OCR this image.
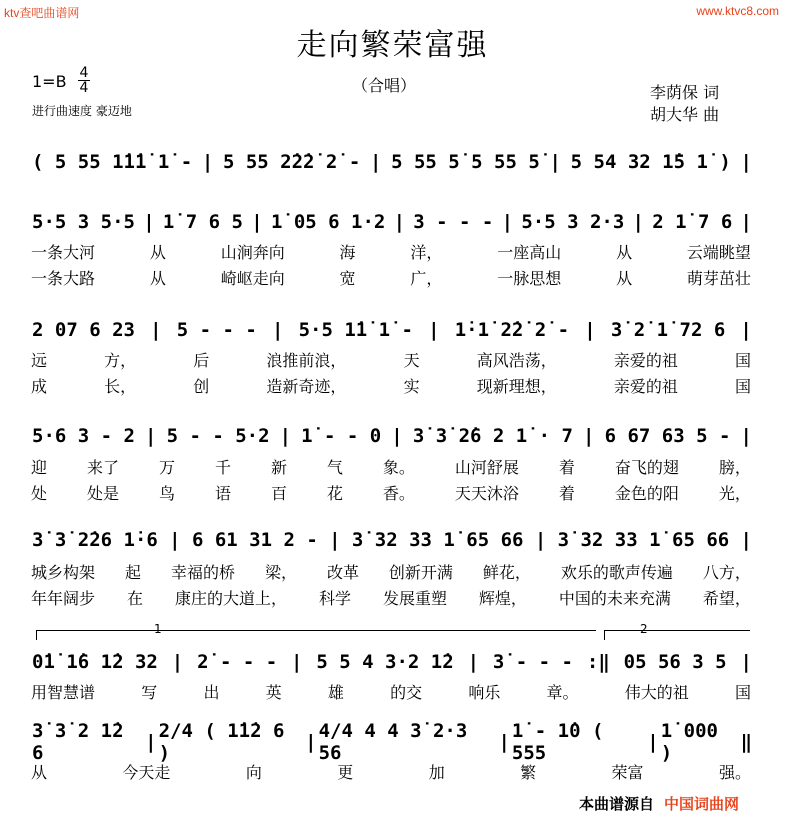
ktv查吧曲谱网	www.ktvc8.com
走向繁荣富强
（合唱）
1=B 4
4
进行曲速度 豪迈地
李荫保 词
胡大华 曲
( 5 55 1̇1̇1̇ 1̇ - | 5 55 2̇2̇2̇ 2̇ - | 5 55 5̇ 5 55 5̇ | 5 54 32 1̇5 1̇ ) |
5·5 3 5·5 | 1̇ 7 6 5 | 1̇ 05 6 1·2 | 3 - - - | 5·5 3 2·3 | 2 1̇ 7 6 |
一条大河	从	山涧奔向	海	洋，	一座高山	从	云端眺望
一条大路	从	崎岖走向	宽	广，	一脉思想	从	萌芽茁壮
2 07 6 23 | 5 - - - | 5·5 1̇1̇ 1̇ - | 1̇·1̇ 2̇2̇ 2̇ - | 3̇ 2̇ 1̇ 72 6 |
远	方，	后	浪推前浪，	天	高风浩荡，	亲爱的祖	国
成	长，	创	造新奇迹，	实	现新理想，	亲爱的祖	国
5·6 3 - 2 | 5 - - 5·2 | 1̇ - - 0 | 3̇ 3̇ 2̇6 2 1̇ · 7 | 6 67 63 5 - |
迎 来了 万 千 新 气 象。 山河舒展 着 奋飞的翅 膀，
处 处是 鸟 语 百 花 香。 天天沐浴 着 金色的阳 光，
3̇ 3̇ 2̇26 1̇·6 | 6 61 31 2 - | 3̇ 32 33 1̇ 65 66 | 3̇ 32 33 1̇ 65 66 |
城乡构架 起 幸福的桥 梁， 改革 创新开满 鲜花， 欢乐的歌声传遍 八方，
年年阔步 在 康庄的大道上， 科学 发展重塑 辉煌， 中国的未来充满 希望，
1	2
0̇1̇ 1̇6 1̇2 32 | 2̇ - - - | 5 5 4 3·2 1̇2 | 3̇ - - - :‖ 05 56 3 5 |
用智慧谱	写	出	英	雄	的交	响乐	章。	伟大的祖	国
3̇ 3̇ 2 1̇2 6	| 2/4 ( 1̇1̇2 6 )	| 4/4 4 4 3̇ 2·3 56	| 1̇ - 1̇0 ( 555	| 1̇ 000 )	‖
从	今天走	向	更	加	繁	荣富	强。
本曲谱源自 中国词曲网
